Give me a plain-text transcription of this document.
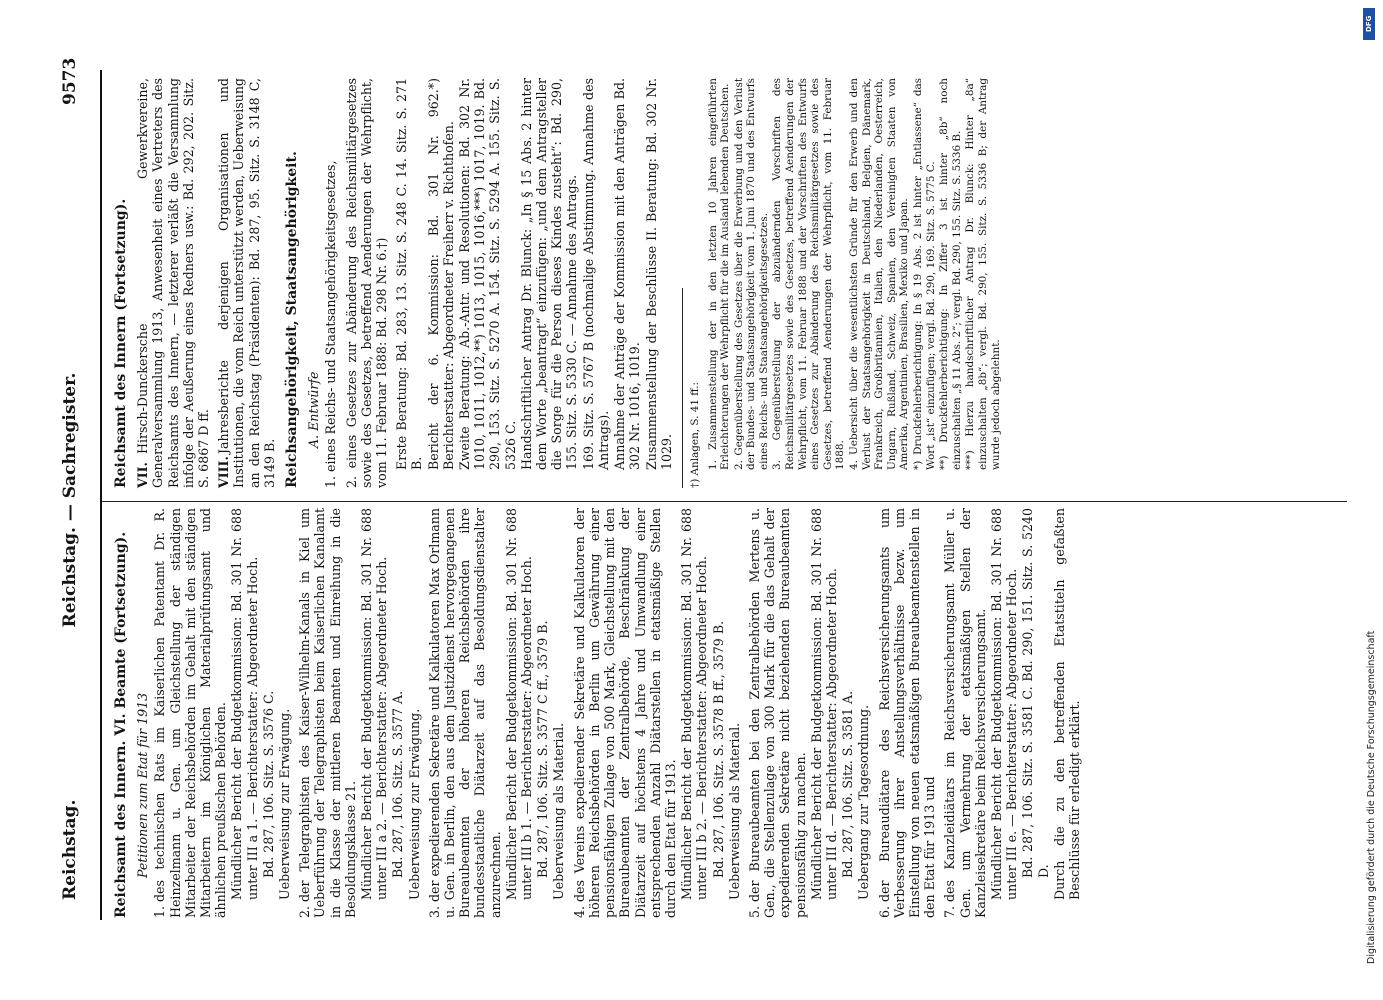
Reichstag.
Reichstag. — Sachregister.
9573
Reichsamt des Innern. VI. Beamte (Fortsetzung). Petitionen zum Etat für 1913
1.des technischen Rats im Kaiserlichen Patentamt Dr. R. Heinzelmann u. Gen. um Gleichstellung der ständigen Mitarbeiter der Reichsbehörden im Gehalt mit den ständigen Mitarbeitern im Königlichen Materialprüfungsamt und ähnlichen preußischen Behörden. Mündlicher Bericht der Budgetkommission: Bd. 301 Nr. 688 unter III a 1. — Berichterstatter: Abgeordneter Hoch. Bd. 287, 106. Sitz. S. 3576 C. Ueberweisung zur Erwägung.
2.der Telegraphisten des Kaiser-Wilhelm-Kanals in Kiel um Ueberführung der Telegraphisten beim Kaiserlichen Kanalamt in die Klasse der mittleren Beamten und Einreihung in die Besoldungsklasse 21. Mündlicher Bericht der Budgetkommission: Bd. 301 Nr. 688 unter III a 2. — Berichterstatter: Abgeordneter Hoch. Bd. 287, 106. Sitz. S. 3577 A. Ueberweisung zur Erwägung.
3.der expedierenden Sekretäre und Kalkulatoren Max Orlmann u. Gen. in Berlin, den aus dem Justizdienst hervorgegangenen Bureaubeamten der höheren Reichsbehörden ihre bundesstaatliche Diätarzeit auf das Besoldungsdienstalter anzurechnen. Mündlicher Bericht der Budgetkommission: Bd. 301 Nr. 688 unter III b 1. — Berichterstatter: Abgeordneter Hoch. Bd. 287, 106. Sitz. S. 3577 C ff., 3579 B. Ueberweisung als Material.
4.des Vereins expedierender Sekretäre und Kalkulatoren der höheren Reichsbehörden in Berlin um Gewährung einer pensionsfähigen Zulage von 500 Mark, Gleichstellung mit den Bureaubeamten der Zentralbehörde, Beschränkung der Diätarzeit auf höchstens 4 Jahre und Umwandlung einer entsprechenden Anzahl Diätarstellen in etatsmäßige Stellen durch den Etat für 1913. Mündlicher Bericht der Budgetkommission: Bd. 301 Nr. 688 unter III b 2. — Berichterstatter: Abgeordneter Hoch. Bd. 287, 106. Sitz. S. 3578 B ff., 3579 B. Ueberweisung als Material.
5.der Bureaubeamten bei den Zentralbehörden Mertens u. Gen., die Stellenzulage von 300 Mark für die das Gehalt der expedierenden Sekretäre nicht beziehenden Bureaubeamten pensionsfähig zu machen. Mündlicher Bericht der Budgetkommission: Bd. 301 Nr. 688 unter III d. — Berichterstatter: Abgeordneter Hoch. Bd. 287, 106. Sitz. S. 3581 A. Uebergang zur Tagesordnung.
6.der Bureaudiätare des Reichsversicherungsamts um Verbesserung ihrer Anstellungsverhältnisse bezw. um Einstellung von neuen etatsmäßigen Bureaubeamtenstellen in den Etat für 1913 und 7.des Kanzleidiätars im Reichsversicherungsamt Müller u. Gen. um Vermehrung der etatsmäßigen Stellen der Kanzleisekretäre beim Reichsversicherungsamt. Mündlicher Bericht der Budgetkommission: Bd. 301 Nr. 688 unter III e. — Berichterstatter: Abgeordneter Hoch. Bd. 287, 106. Sitz. S. 3581 C. Bd. 290, 151. Sitz. S. 5240 D. Durch die zu den betreffenden Etatstiteln gefaßten Beschlüsse für erledigt erklärt.
Reichsamt des Innern (Fortsetzung). VII.Hirsch-Dunckersche Gewerkvereine, Generalversammlung 1913, Anwesenheit eines Vertreters des Reichsamts des Innern, — letzterer verläßt die Versammlung infolge der Aeußerung eines Redners usw.: Bd. 292, 202. Sitz. S. 6867 D ff. VIII.Jahresberichte derjenigen Organisationen und Institutionen, die vom Reich unterstützt werden, Ueberweisung an den Reichstag (Präsidenten): Bd. 287, 95. Sitz. S. 3148 C, 3149 B. Reichsangehörigkeit, Staatsangehörigkeit. A. Entwürfe 1. eines Reichs- und Staatsangehörigkeitsgesetzes, 2. eines Gesetzes zur Abänderung des Reichsmilitärgesetzes sowie des Gesetzes, betreffend Aenderungen der Wehrpflicht, vom 11. Februar 1888: Bd. 298 Nr. 6.†) Erste Beratung: Bd. 283, 13. Sitz. S. 248 C. 14. Sitz. S. 271 B. Bericht der 6. Kommission: Bd. 301 Nr. 962.*) Berichterstatter: Abgeordneter Freiherr v. Richthofen. Zweite Beratung: Ab.-Antr. und Resolutionen: Bd. 302 Nr. 1010, 1011, 1012,**) 1013, 1015, 1016,***) 1017, 1019. Bd. 290, 153. Sitz. S. 5270 A. 154. Sitz. S. 5294 A. 155. Sitz. S. 5326 C. Handschriftlicher Antrag Dr. Blunck: „In § 15 Abs. 2 hinter dem Worte „beantragt“ einzufügen: „und dem Antragsteller die Sorge für die Person dieses Kindes zusteht“: Bd. 290, 155. Sitz. S. 5330 C. — Annahme des Antrags. 169. Sitz. S. 5767 B (nochmalige Abstimmung. Annahme des Antrags). Annahme der Anträge der Kommission mit den Anträgen Bd. 302 Nr. 1016, 1019. Zusammenstellung der Beschlüsse II. Beratung: Bd. 302 Nr. 1029. †) Anlagen, S. 41 ff.: 1. Zusammenstellung der in den letzten 10 Jahren eingeführten Erleichterungen der Wehrpflicht für die im Ausland lebenden Deutschen. 2. Gegenüberstellung des Gesetzes über die Erwerbung und den Verlust der Bundes- und Staatsangehörigkeit vom 1. Juni 1870 und des Entwurfs eines Reichs- und Staatsangehörigkeitsgesetzes. 3. Gegenüberstellung der abzuändernden Vorschriften des Reichsmilitärgesetzes sowie des Gesetzes, betreffend Aenderungen der Wehrpflicht, vom 11. Februar 1888 und der Vorschriften des Entwurfs eines Gesetzes zur Abänderung des Reichsmilitärgesetzes sowie des Gesetzes, betreffend Aenderungen der Wehrpflicht, vom 11. Februar 1888. 4. Uebersicht über die wesentlichsten Gründe für den Erwerb und den Verlust der Staatsangehörigkeit in Deutschland, Belgien, Dänemark, Frankreich, Großbritannien, Italien, den Niederlanden, Oesterreich, Ungarn, Rußland, Schweiz, Spanien, den Vereinigten Staaten von Amerika, Argentinien, Brasilien, Mexiko und Japan. *) Druckfehlerberichtigung: In § 19 Abs. 2 ist hinter „Entlassene“ das Wort „ist“ einzufügen; vergl. Bd. 290, 169. Sitz. S. 5775 C. **) Druckfehlerberichtigung: In Ziffer 3 ist hinter „8b“ noch einzuschalten „§ 11 Abs. 2“; vergl. Bd. 290, 155. Sitz. S. 5336 B. ***) Hierzu handschriftlicher Antrag Dr. Blunck: Hinter „8a“ einzuschalten „8b“; vergl. Bd. 290, 155. Sitz. S. 5336 B; der Antrag wurde jedoch abgelehnt.
DFG
Digitalisierung gefördert durch die Deutsche Forschungsgemeinschaft
